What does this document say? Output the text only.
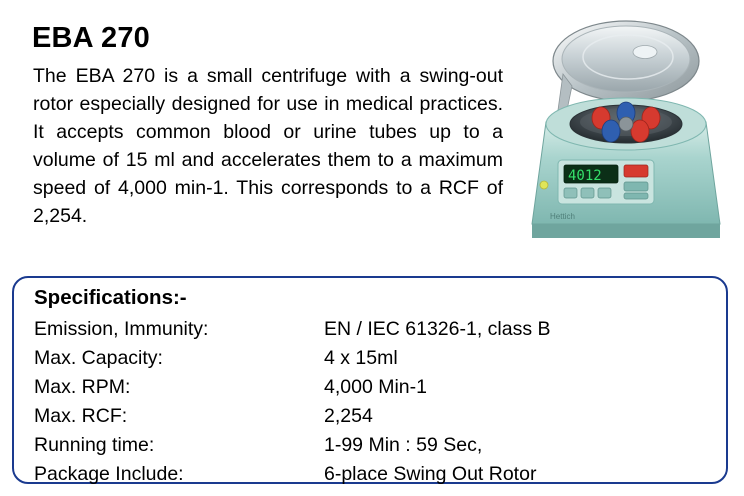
EBA 270
The EBA 270 is a small centrifuge with a swing-out rotor especially designed for use in medical practices. It accepts common blood or urine tubes up to a volume of 15 ml and accelerates them to a maximum speed of 4,000 min-1. This corresponds to a RCF of 2,254.
4012
Hettich
Specifications:-
Emission, Immunity:	EN / IEC 61326-1, class B
Max. Capacity:	4 x 15ml
Max. RPM:	4,000 Min-1
Max. RCF:	2,254
Running time:	1-99 Min : 59 Sec,
Package Include:	6-place Swing Out Rotor
